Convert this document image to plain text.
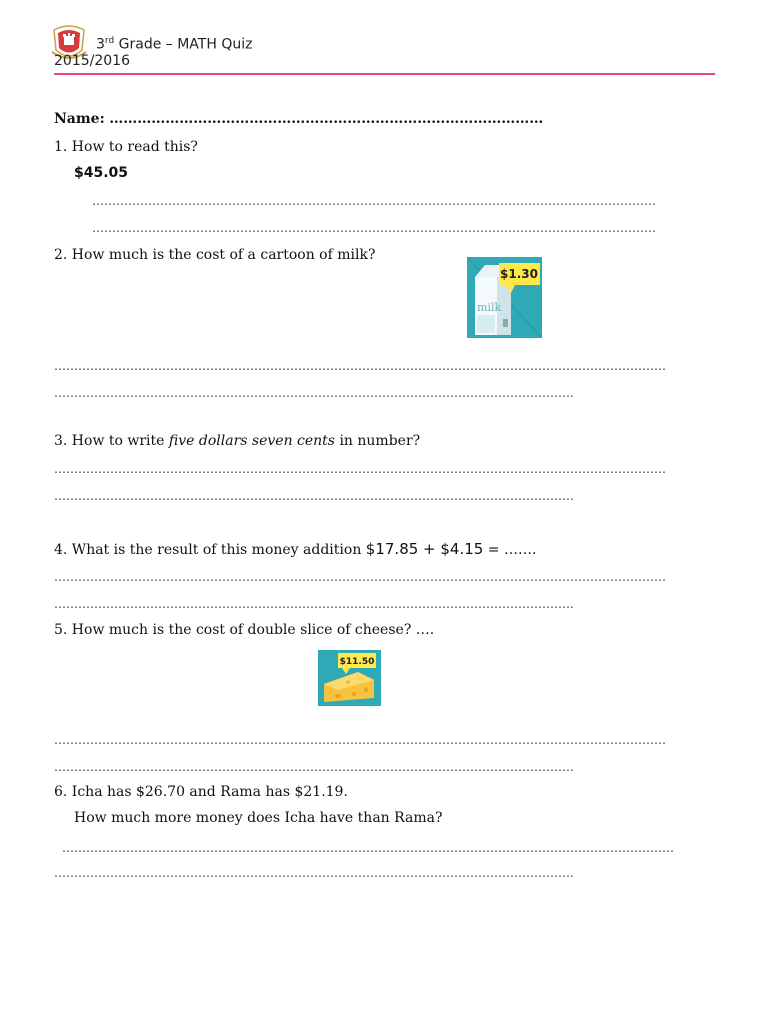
3rd Grade – MATH Quiz
2015/2016
Name: …………………………………………………………………………………
1. How to read this?
$45.05
……………………………………………………………………………………………………………………………
……………………………………………………………………………………………………………………………
2. How much is the cost of a cartoon of milk?
milk
$1.30
………………………………………………………………………………………………………………………………………
………………………………………………………………………………………………………………….
3. How to write five dollars seven cents in number?
………………………………………………………………………………………………………………………………………
………………………………………………………………………………………………………………….
4. What is the result of this money addition $17.85 + $4.15 = …….
………………………………………………………………………………………………………………………………………
………………………………………………………………………………………………………………….
5. How much is the cost of double slice of cheese? ….
$11.50
………………………………………………………………………………………………………………………………………
………………………………………………………………………………………………………………….
6. Icha has $26.70 and Rama has $21.19.
How much more money does Icha have than Rama?
………………………………………………………………………………………………………………………………………
………………………………………………………………………………………………………………….
